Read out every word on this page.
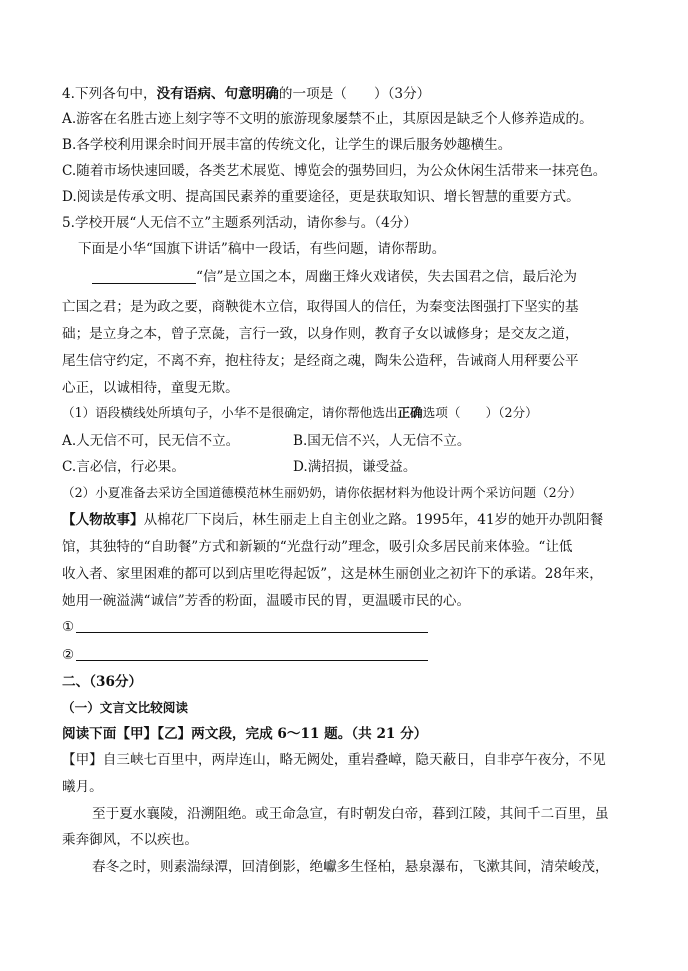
4.下列各句中，没有语病、句意明确的一项是（　　）（3分）
A.游客在名胜古迹上刻字等不文明的旅游现象屡禁不止，其原因是缺乏个人修养造成的。
B.各学校利用课余时间开展丰富的传统文化，让学生的课后服务妙趣横生。
C.随着市场快速回暖，各类艺术展览、博览会的强势回归，为公众休闲生活带来一抹亮色。
D.阅读是传承文明、提高国民素养的重要途径，更是获取知识、增长智慧的重要方式。
5.学校开展“人无信不立”主题系列活动，请你参与。（4分）
下面是小华“国旗下讲话”稿中一段话，有些问题，请你帮助。
“信”是立国之本，周幽王烽火戏诸侯，失去国君之信，最后沦为
亡国之君；是为政之要，商鞅徙木立信，取得国人的信任，为秦变法图强打下坚实的基
础；是立身之本，曾子烹彘，言行一致，以身作则，教育子女以诚修身；是交友之道，
尾生信守约定，不离不弃，抱柱待友；是经商之魂，陶朱公造秤，告诫商人用秤要公平
心正，以诚相待，童叟无欺。
（1）语段横线处所填句子，小华不是很确定，请你帮他选出正确选项（　　）（2分）
A.人无信不可，民无信不立。	B.国无信不兴，人无信不立。
C.言必信，行必果。	D.满招损，谦受益。
（2）小夏准备去采访全国道德模范林生丽奶奶，请你依据材料为他设计两个采访问题（2分）
【人物故事】从棉花厂下岗后，林生丽走上自主创业之路。1995年，41岁的她开办凯阳餐
馆，其独特的“自助餐”方式和新颖的“光盘行动”理念，吸引众多居民前来体验。“让低
收入者、家里困难的都可以到店里吃得起饭”，这是林生丽创业之初许下的承诺。28年来，
她用一碗溢满“诚信”芳香的粉面，温暖市民的胃，更温暖市民的心。
①
②
二、（36分）
（一）文言文比较阅读
阅读下面【甲】【乙】两文段，完成 6～11 题。（共 21 分）
【甲】自三峡七百里中，两岸连山，略无阙处，重岩叠嶂，隐天蔽日，自非亭午夜分，不见
曦月。
至于夏水襄陵，沿溯阻绝。或王命急宣，有时朝发白帝，暮到江陵，其间千二百里，虽
乘奔御风，不以疾也。
春冬之时，则素湍绿潭，回清倒影，绝巘多生怪柏，悬泉瀑布，飞漱其间，清荣峻茂，
